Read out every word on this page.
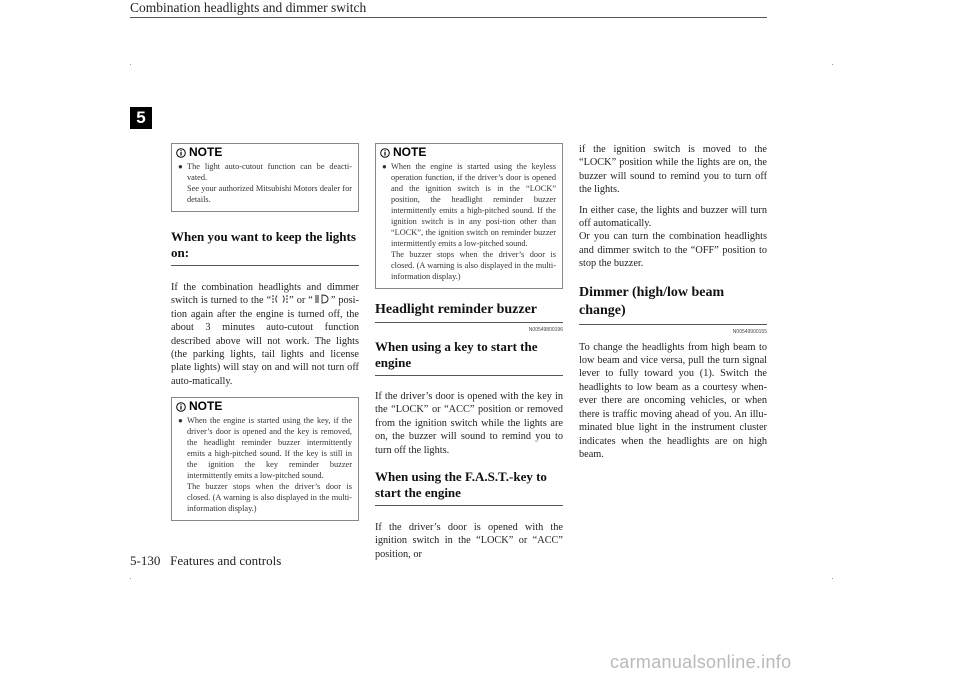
Combination headlights and dimmer switch
5
NOTE
● The light auto-cutout function can be deacti-vated.

See your authorized Mitsubishi Motors dealer for details.

When you want to keep the lights on:

If the combination headlights and dimmer switch is turned to the “ ” or “ ” posi-tion again after the engine is turned off, the about 3 minutes auto-cutout function described above will not work. The lights (the parking lights, tail lights and license plate lights) will stay on and will not turn off auto-matically.

NOTE
● When the engine is started using the key, if the driver’s door is opened and the key is removed, the headlight reminder buzzer intermittently emits a high-pitched sound. If the key is still in the ignition the key reminder buzzer intermittently emits a low-pitched sound.

The buzzer stops when the driver’s door is closed. (A warning is also displayed in the multi-information display.)

NOTE
● When the engine is started using the keyless operation function, if the driver’s door is opened and the ignition switch is in the “LOCK” position, the headlight reminder buzzer intermittently emits a high-pitched sound. If the ignition switch is in any posi-tion other than “LOCK”, the ignition switch on reminder buzzer intermittently emits a low-pitched sound.

The buzzer stops when the driver’s door is closed. (A warning is also displayed in the multi-information display.)

Headlight reminder buzzer
N00549800196
When using a key to start the engine

If the driver’s door is opened with the key in the “LOCK” or “ACC” position or removed from the ignition switch while the lights are on, the buzzer will sound to remind you to turn off the lights.

When using the F.A.S.T.-key to start the engine

If the driver’s door is opened with the ignition switch in the “LOCK” or “ACC” position, or

if the ignition switch is moved to the “LOCK” position while the lights are on, the buzzer will sound to remind you to turn off the lights.

In either case, the lights and buzzer will turn off automatically.

Or you can turn the combination headlights and dimmer switch to the “OFF” position to stop the buzzer.

Dimmer (high/low beam change)
N00549900155

To change the headlights from high beam to low beam and vice versa, pull the turn signal lever to fully toward you (1). Switch the headlights to low beam as a courtesy when-ever there are oncoming vehicles, or when there is traffic moving ahead of you. An illu-minated blue light in the instrument cluster indicates when the headlights are on high beam.

5-130 Features and controls
carmanualsonline.info
